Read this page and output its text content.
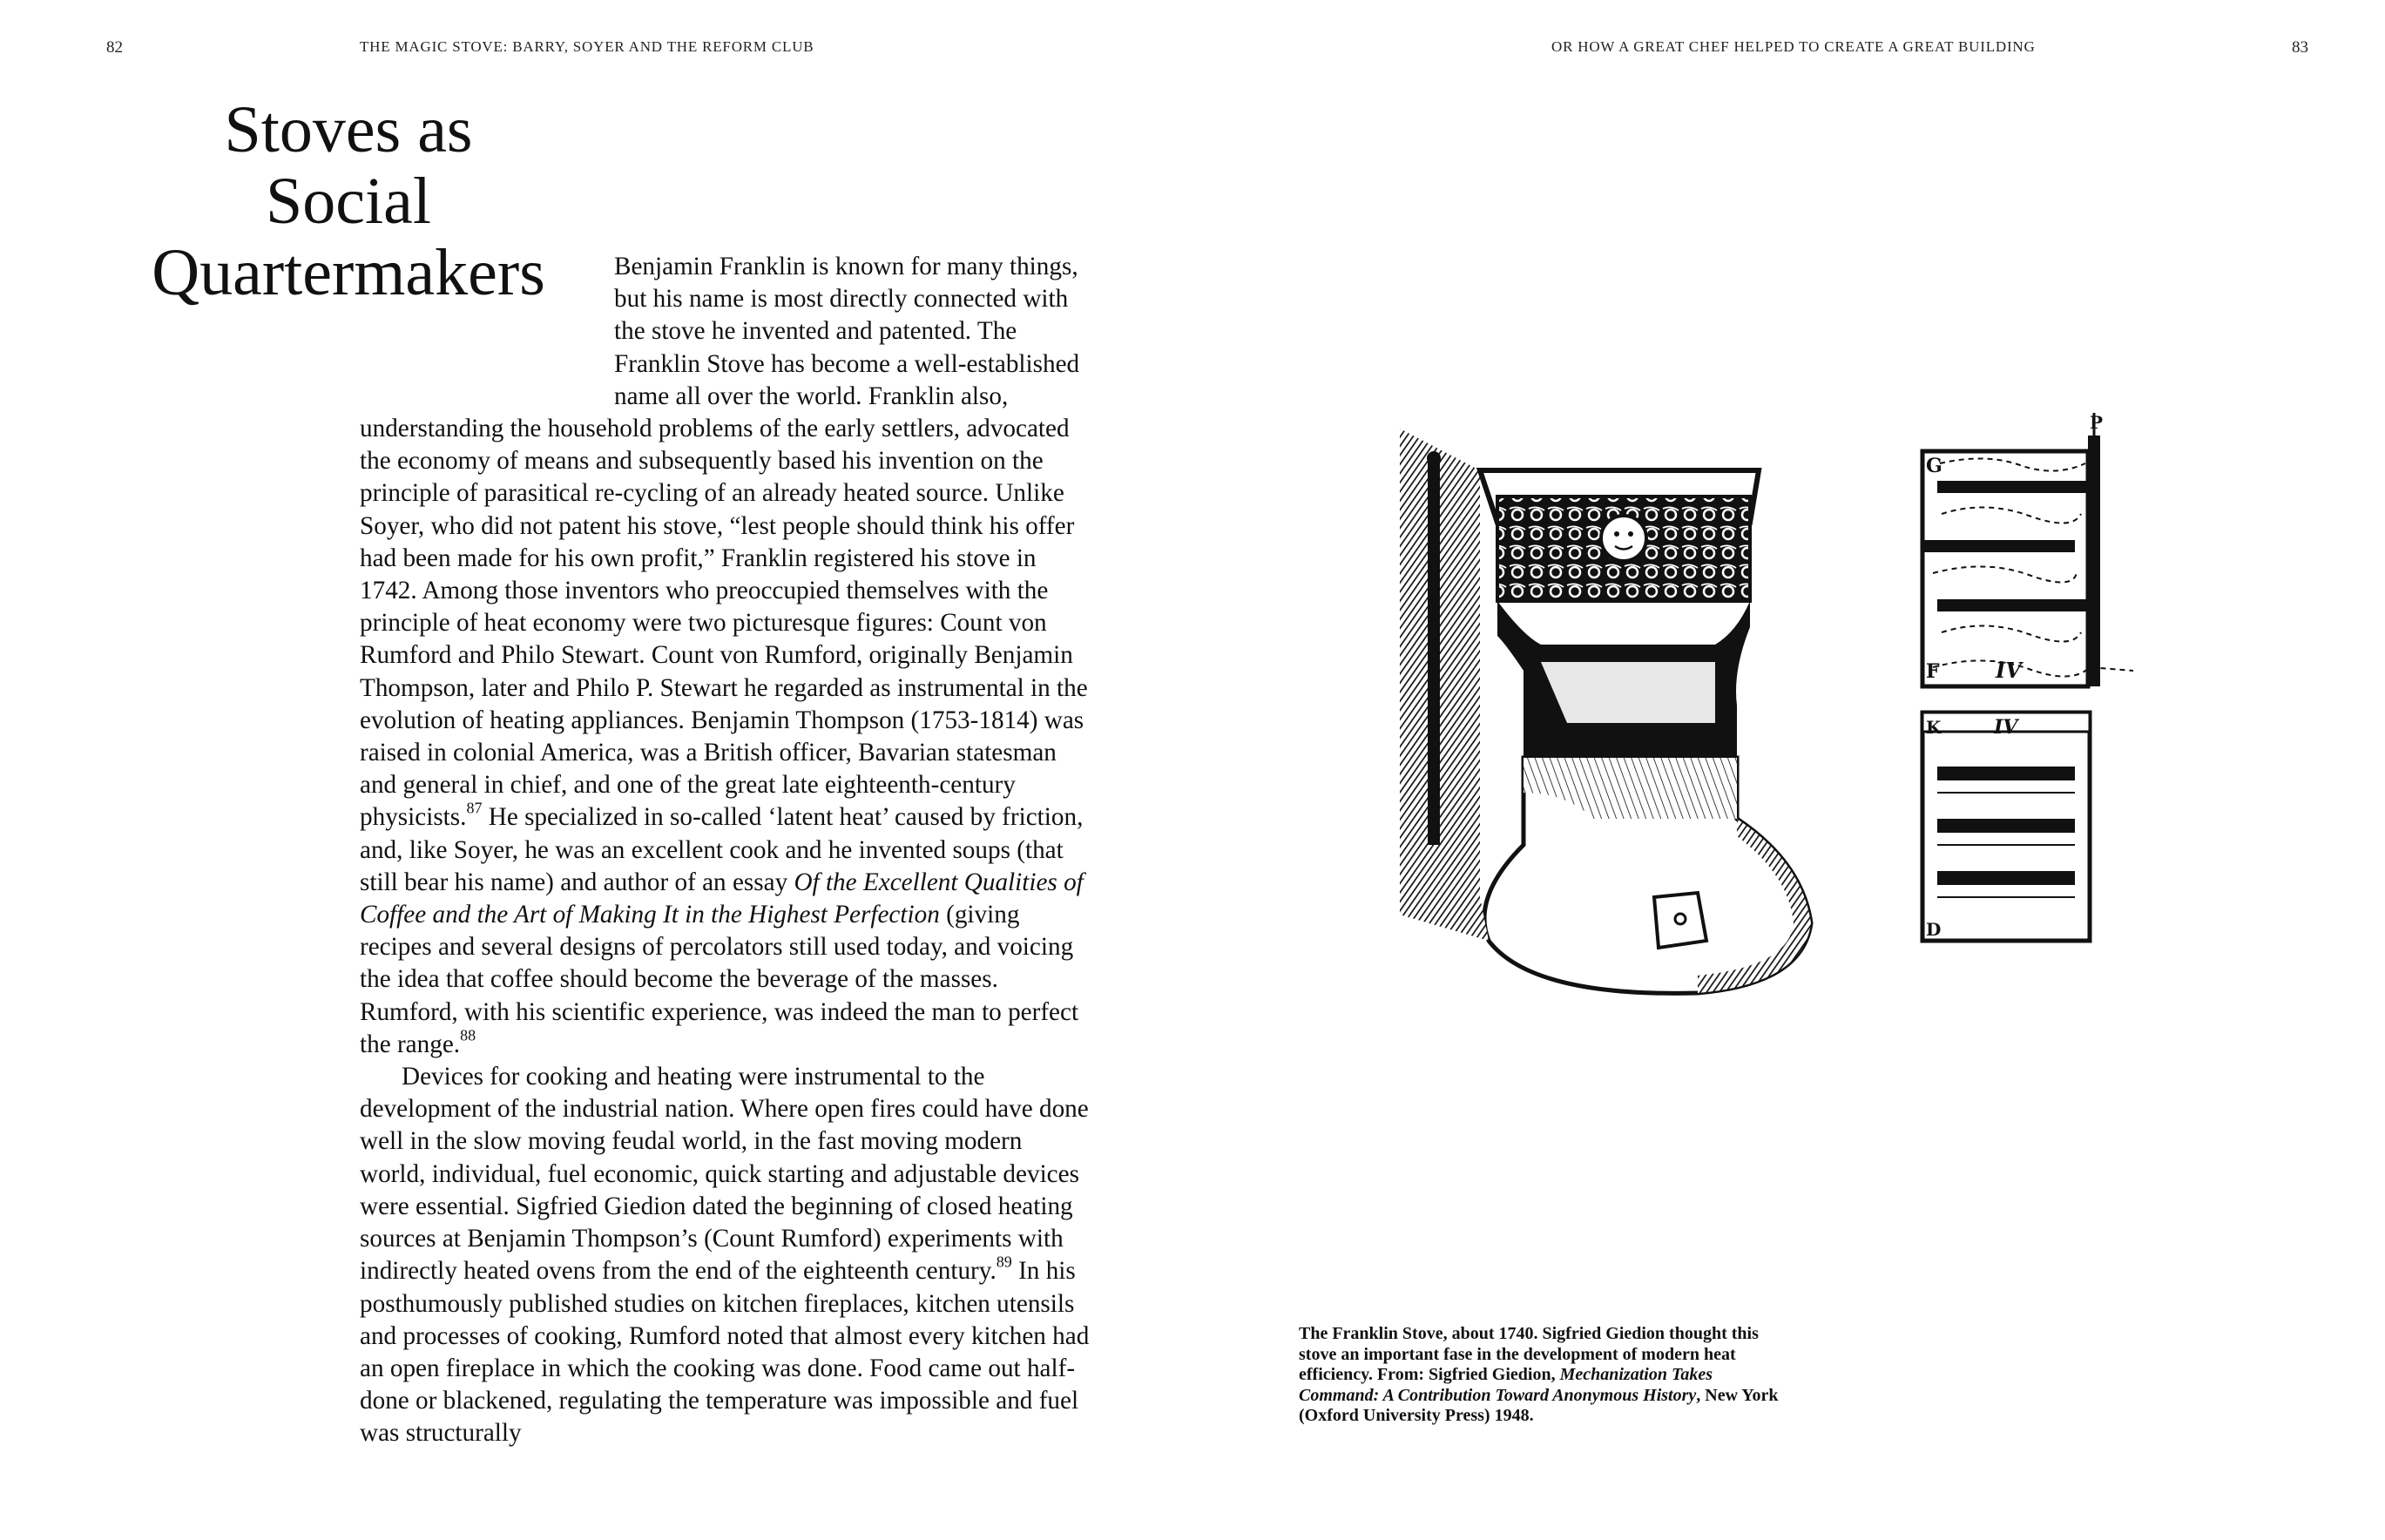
82	THE MAGIC STOVE: BARRY, SOYER AND THE REFORM CLUB
Stoves as
Social
Quartermakers	Benjamin Franklin is known for many things, but his name is most directly connected with the stove he invented and patented. The Franklin Stove has become a well-established name all over the world. Franklin also, understanding the household problems of the early settlers, advocated the economy of means and subsequently based his invention on the principle of parasitical re-cycling of an already heated source. Unlike Soyer, who did not patent his stove, “lest people should think his offer had been made for his own profit,” Franklin registered his stove in 1742. Among those inventors who preoccupied themselves with the principle of heat economy were two picturesque figures: Count von Rumford and Philo Stewart. Count von Rumford, originally Benjamin Thompson, later and Philo P. Stewart he regarded as instrumental in the evolution of heating appliances. Benjamin Thompson (1753-1814) was raised in colonial America, was a British officer, Bavarian statesman and general in chief, and one of the great late eighteenth-century physicists.$^{87}$ He specialized in so-called ‘latent heat’ caused by friction, and, like Soyer, he was an excellent cook and he invented soups (that still bear his name) and author of an essay Of the Excellent Qualities of Coffee and the Art of Making It in the Highest Perfection (giving recipes and several designs of percolators still used today, and voicing the idea that coffee should become the beverage of the masses. Rumford, with his scientific experience, was indeed the man to perfect the range.$^{88}$

Devices for cooking and heating were instrumental to the development of the industrial nation. Where open fires could have done well in the slow moving feudal world, in the fast moving modern world, individual, fuel economic, quick starting and adjustable devices were essential. Sigfried Giedion dated the beginning of closed heating sources at Benjamin Thompson’s (Count Rumford) experiments with indirectly heated ovens from the end of the eighteenth century.$^{89}$ In his posthumously published studies on kitchen fireplaces, kitchen utensils and processes of cooking, Rumford noted that almost every kitchen had an open fireplace in which the cooking was done. Food came out half-done or blackened, regulating the temperature was impossible and fuel was structurally

OR HOW A GREAT CHEF HELPED TO CREATE A GREAT BUILDING	83
P
G
F	IV
K	IV
D

The Franklin Stove, about 1740. Sigfried Giedion thought this stove an important fase in the development of modern heat efficiency. From: Sigfried Giedion, Mechanization Takes Command: A Contribution Toward Anonymous History, New York (Oxford University Press) 1948.
